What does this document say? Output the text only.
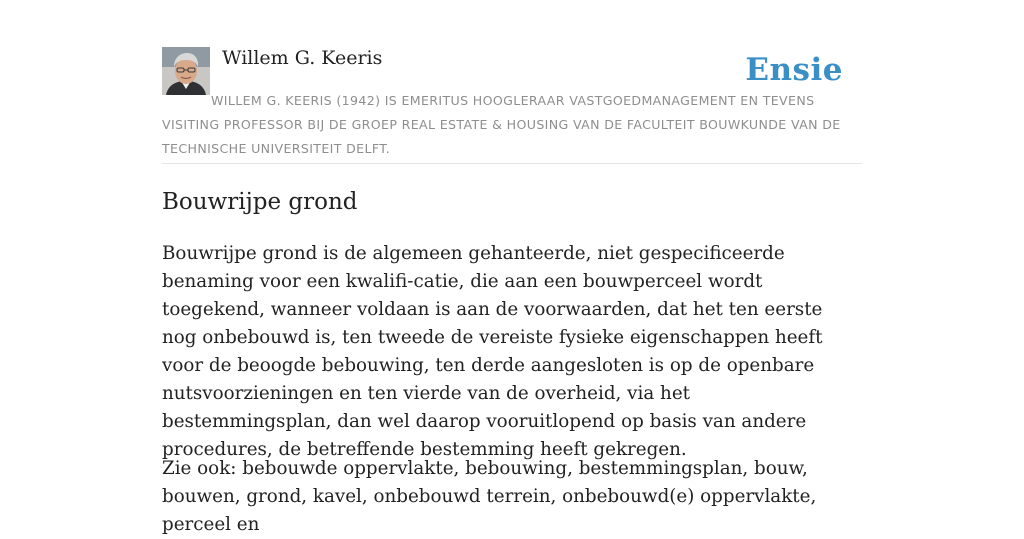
Willem G. Keeris	Ensie
WILLEM G. KEERIS (1942) IS EMERITUS HOOGLERAAR VASTGOEDMANAGEMENT EN TEVENS VISITING PROFESSOR BIJ DE GROEP REAL ESTATE & HOUSING VAN DE FACULTEIT BOUWKUNDE VAN DE TECHNISCHE UNIVERSITEIT DELFT.
Bouwrijpe grond

Bouwrijpe grond is de algemeen gehanteerde, niet gespecificeerde benaming voor een kwalifi-catie, die aan een bouwperceel wordt toegekend, wanneer voldaan is aan de voorwaarden, dat het ten eerste nog onbebouwd is, ten tweede de vereiste fysieke eigenschappen heeft voor de beoogde bebouwing, ten derde aangesloten is op de openbare nutsvoorzieningen en ten vierde van de overheid, via het bestemmingsplan, dan wel daarop vooruitlopend op basis van andere procedures, de betreffende bestemming heeft gekregen.

Zie ook: bebouwde oppervlakte, bebouwing, bestemmingsplan, bouw, bouwen, grond, kavel, onbebouwd terrein, onbebouwd(e) oppervlakte, perceel en
